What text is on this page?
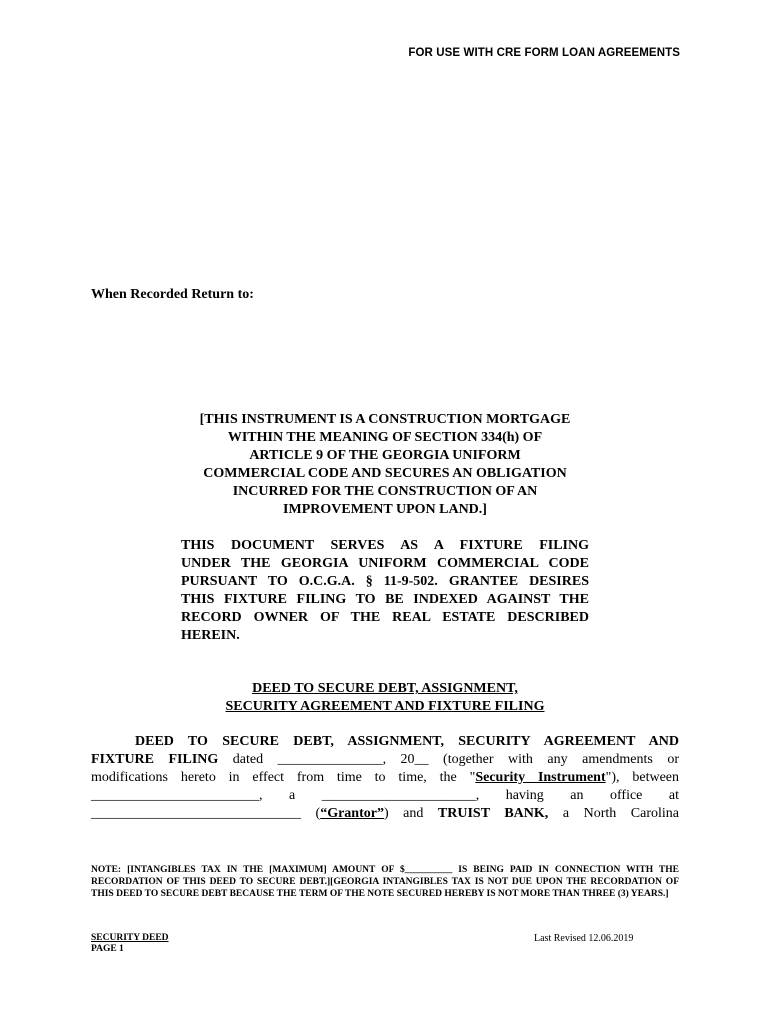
FOR USE WITH CRE FORM LOAN AGREEMENTS
When Recorded Return to:
[THIS INSTRUMENT IS A CONSTRUCTION MORTGAGE
WITHIN THE MEANING OF SECTION 334(h) OF
ARTICLE 9 OF THE GEORGIA UNIFORM
COMMERCIAL CODE AND SECURES AN OBLIGATION
INCURRED FOR THE CONSTRUCTION OF AN
IMPROVEMENT UPON LAND.]
THIS DOCUMENT SERVES AS A FIXTURE FILING
UNDER THE GEORGIA UNIFORM COMMERCIAL CODE
PURSUANT TO O.C.G.A. § 11-9-502. GRANTEE DESIRES
THIS FIXTURE FILING TO BE INDEXED AGAINST THE
RECORD OWNER OF THE REAL ESTATE DESCRIBED
HEREIN.
DEED TO SECURE DEBT, ASSIGNMENT,
SECURITY AGREEMENT AND FIXTURE FILING
DEED TO SECURE DEBT, ASSIGNMENT, SECURITY AGREEMENT AND
FIXTURE FILING dated _______________, 20__ (together with any amendments or
modifications hereto in effect from time to time, the "Security Instrument"), between
________________________, a ______________________, having an office at
______________________________ (“Grantor”) and TRUIST BANK, a North Carolina
NOTE: [INTANGIBLES TAX IN THE [MAXIMUM] AMOUNT OF $__________ IS BEING PAID IN CONNECTION WITH THE RECORDATION OF THIS DEED TO SECURE DEBT.][GEORGIA INTANGIBLES TAX IS NOT DUE UPON THE RECORDATION OF THIS DEED TO SECURE DEBT BECAUSE THE TERM OF THE NOTE SECURED HEREBY IS NOT MORE THAN THREE (3) YEARS.]
SECURITY DEED
PAGE 1
Last Revised 12.06.2019
